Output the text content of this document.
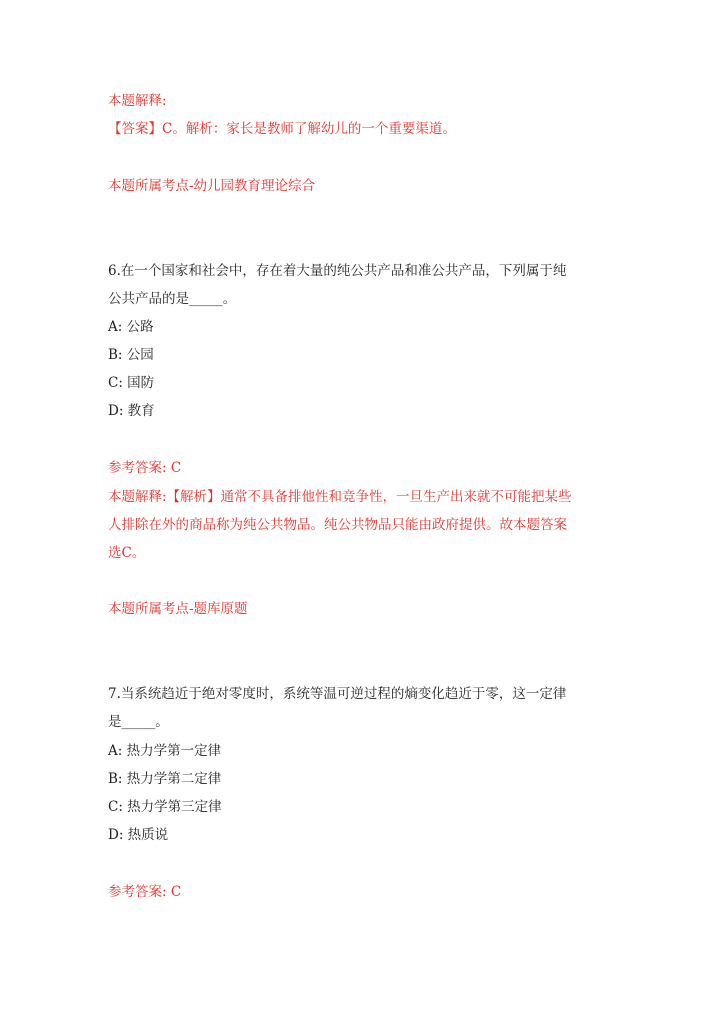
本题解释:
【答案】C。解析：家长是教师了解幼儿的一个重要渠道。
本题所属考点-幼儿园教育理论综合
6.在一个国家和社会中，存在着大量的纯公共产品和准公共产品，下列属于纯
公共产品的是_____。
A: 公路
B: 公园
C: 国防
D: 教育
参考答案: C
本题解释:【解析】通常不具备排他性和竞争性，一旦生产出来就不可能把某些
人排除在外的商品称为纯公共物品。纯公共物品只能由政府提供。故本题答案
选C。
本题所属考点-题库原题
7.当系统趋近于绝对零度时，系统等温可逆过程的熵变化趋近于零，这一定律
是_____。
A: 热力学第一定律
B: 热力学第二定律
C: 热力学第三定律
D: 热质说
参考答案: C
